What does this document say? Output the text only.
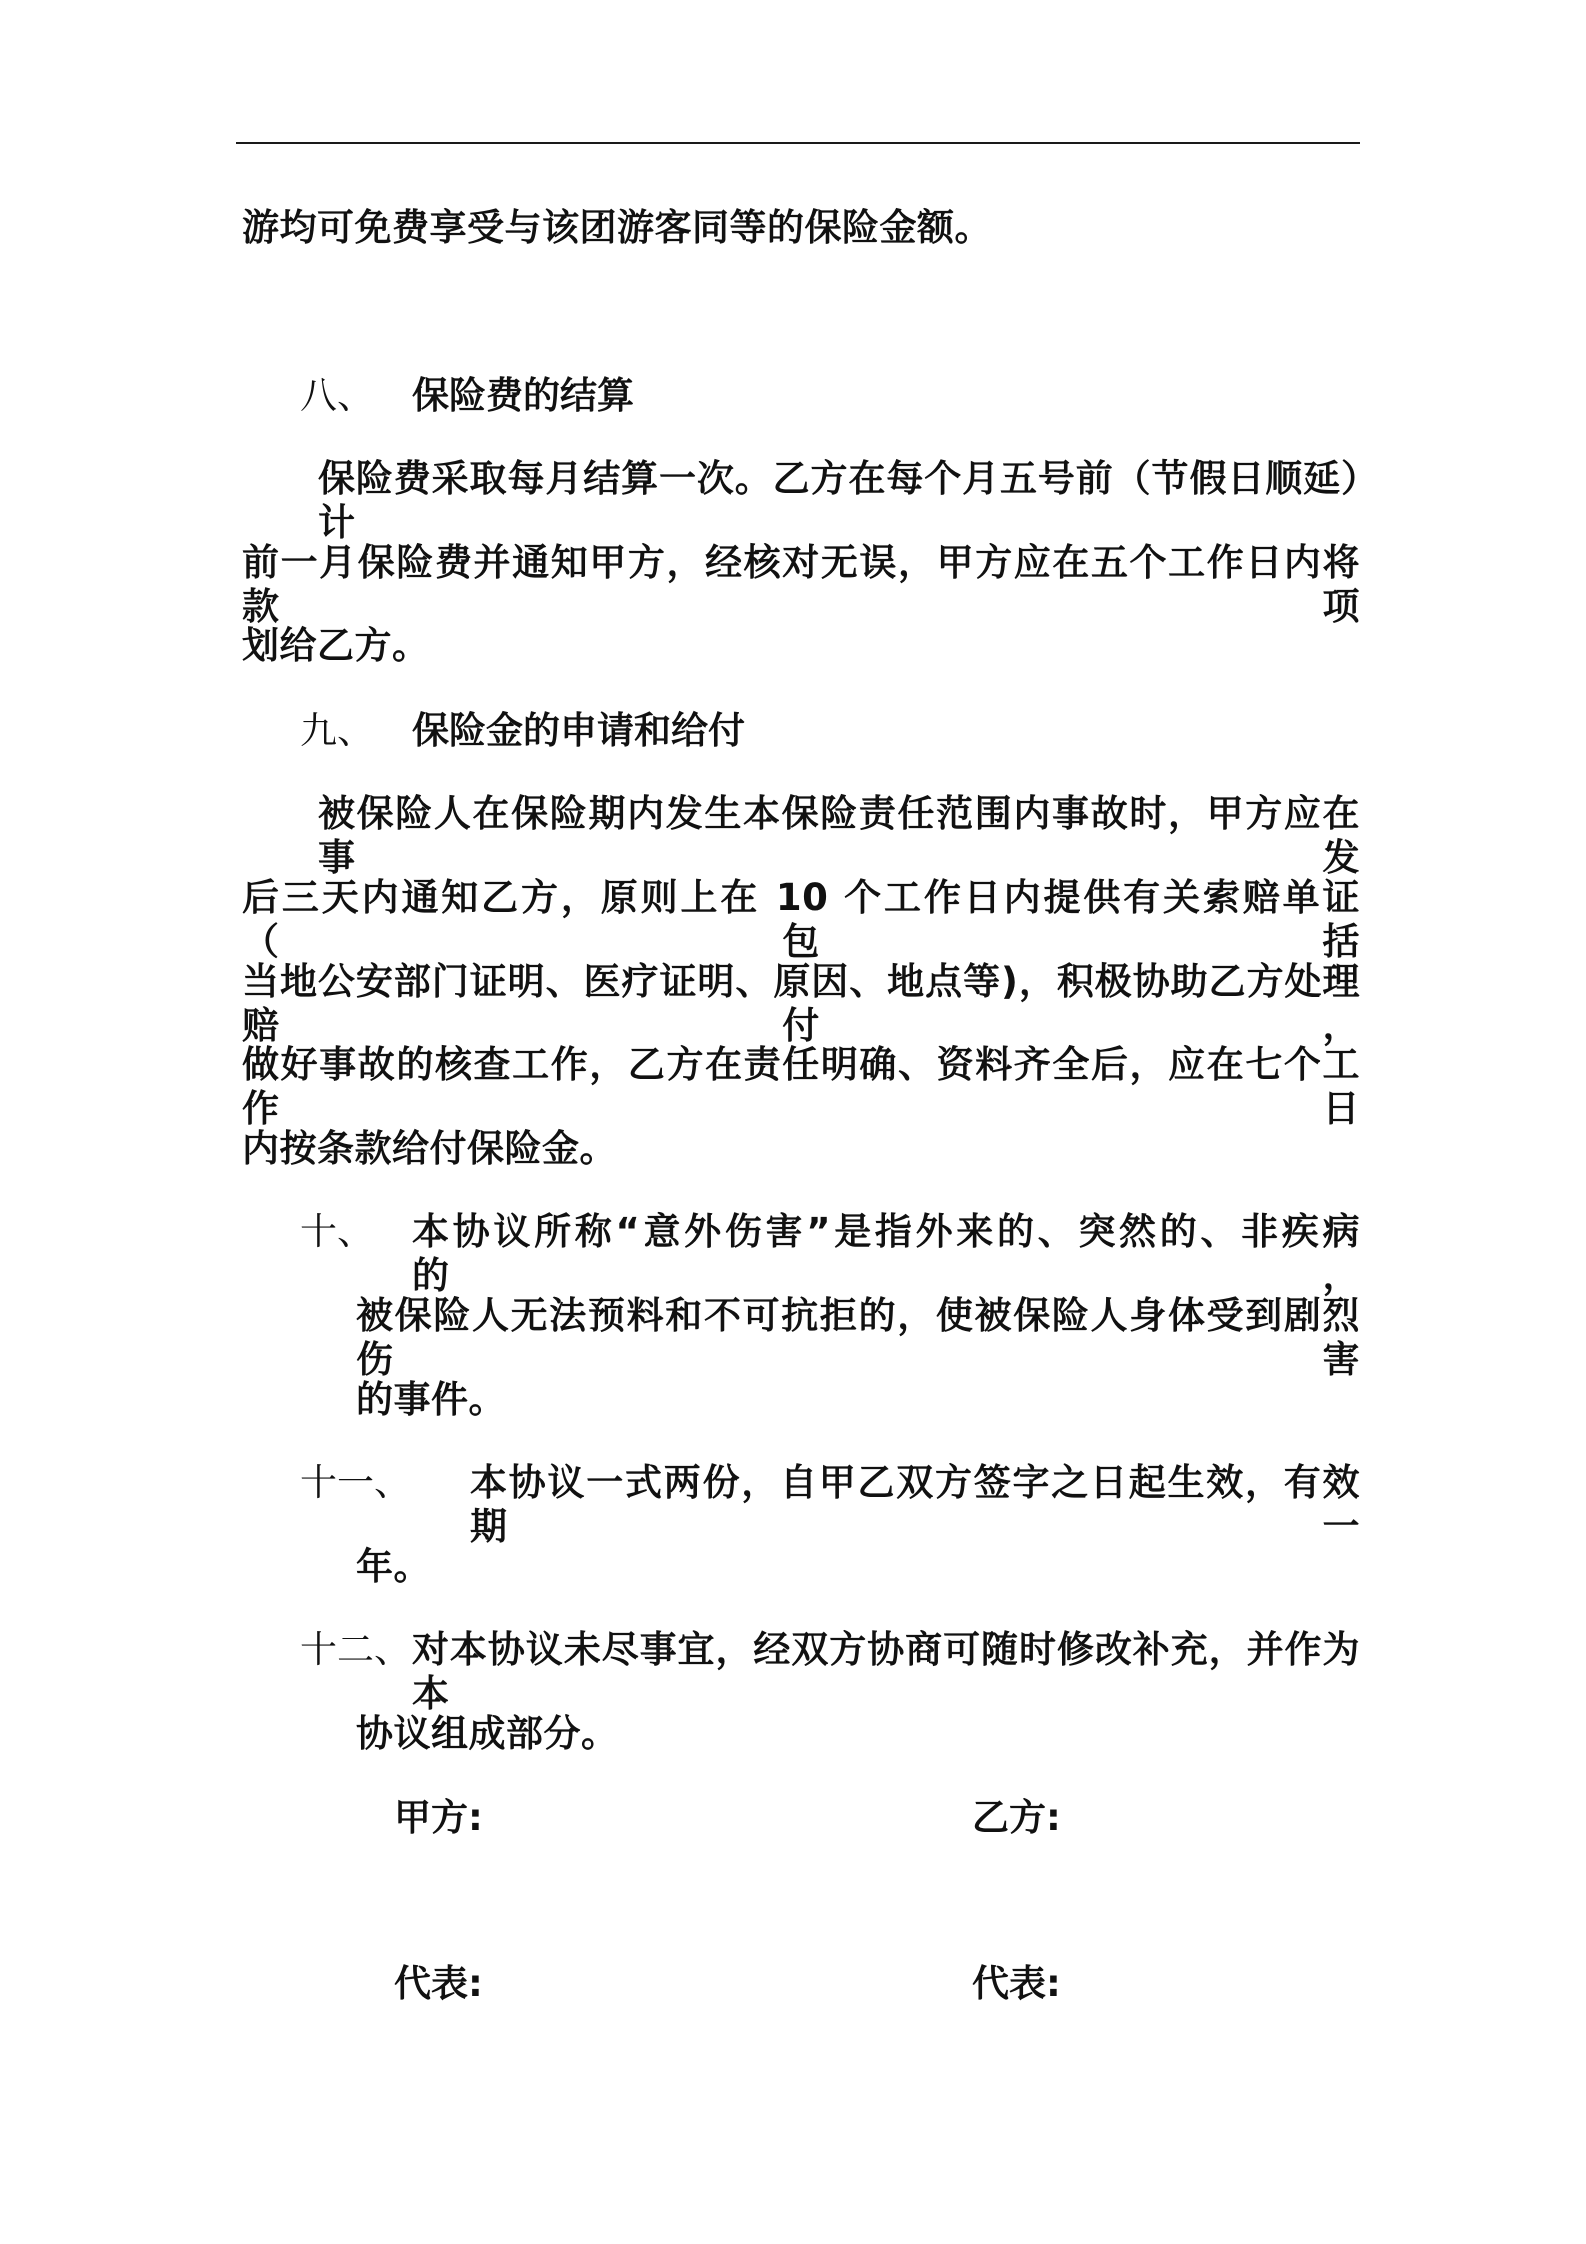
游均可免费享受与该团游客同等的保险金额。
八、 保险费的结算
保险费采取每月结算一次。乙方在每个月五号前（节假日顺延）计
前一月保险费并通知甲方，经核对无误，甲方应在五个工作日内将款项
划给乙方。
九、 保险金的申请和给付
被保险人在保险期内发生本保险责任范围内事故时，甲方应在事发
后三天内通知乙方，原则上在 10 个工作日内提供有关索赔单证（包括
当地公安部门证明、医疗证明、原因、地点等)，积极协助乙方处理赔付，
做好事故的核查工作，乙方在责任明确、资料齐全后，应在七个工作日
内按条款给付保险金。
十、 本协议所称“意外伤害”是指外来的、突然的、非疾病的，
被保险人无法预料和不可抗拒的，使被保险人身体受到剧烈伤害
的事件。
十一、 本协议一式两份，自甲乙双方签字之日起生效，有效期一
年。
十二、 对本协议未尽事宜，经双方协商可随时修改补充，并作为本
协议组成部分。
甲方:	乙方:
代表:	代表:
